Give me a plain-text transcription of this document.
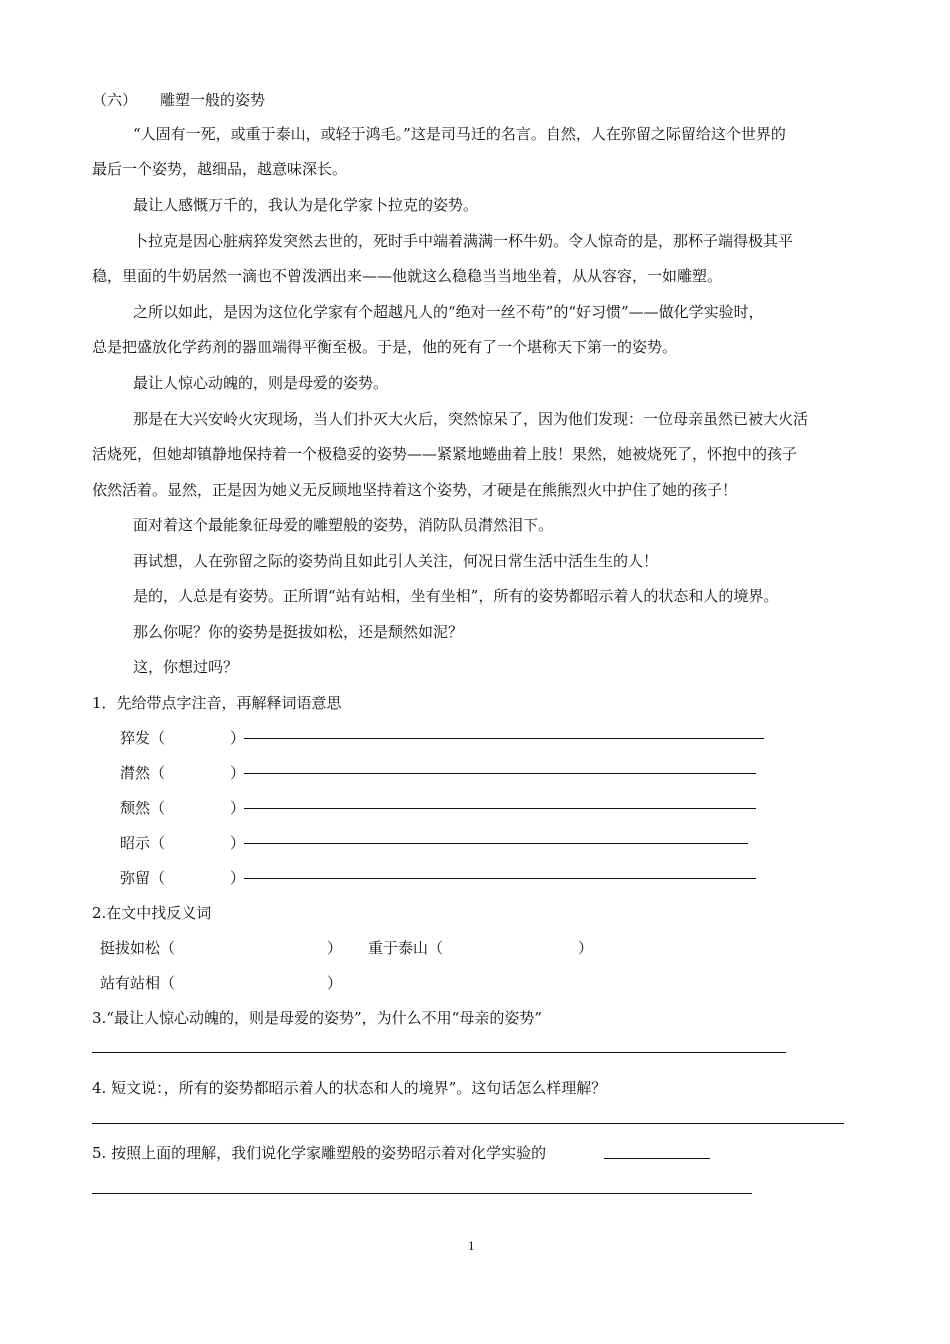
（六） 雕塑一般的姿势
“人固有一死，或重于泰山，或轻于鸿毛。”这是司马迁的名言。自然，人在弥留之际留给这个世界的
最后一个姿势，越细品，越意味深长。
最让人感慨万千的，我认为是化学家卜拉克的姿势。
卜拉克是因心脏病猝发突然去世的，死时手中端着满满一杯牛奶。令人惊奇的是，那杯子端得极其平
稳，里面的牛奶居然一滴也不曾泼洒出来——他就这么稳稳当当地坐着，从从容容，一如雕塑。
之所以如此，是因为这位化学家有个超越凡人的“绝对一丝不苟”的“好习惯”——做化学实验时，
总是把盛放化学药剂的器皿端得平衡至极。于是，他的死有了一个堪称天下第一的姿势。
最让人惊心动魄的，则是母爱的姿势。
那是在大兴安岭火灾现场，当人们扑灭大火后，突然惊呆了，因为他们发现：一位母亲虽然已被大火活
活烧死，但她却镇静地保持着一个极稳妥的姿势——紧紧地蜷曲着上肢！果然，她被烧死了，怀抱中的孩子
依然活着。显然，正是因为她义无反顾地坚持着这个姿势，才硬是在熊熊烈火中护住了她的孩子！
面对着这个最能象征母爱的雕塑般的姿势，消防队员潸然泪下。
再试想，人在弥留之际的姿势尚且如此引人关注，何况日常生活中活生生的人！
是的，人总是有姿势。正所谓“站有站相，坐有坐相”，所有的姿势都昭示着人的状态和人的境界。
那么你呢？你的姿势是挺拔如松，还是颓然如泥？
这，你想过吗？
1．先给带点字注音，再解释词语意思
猝发（	）
潸然（	）
颓然（	）
昭示（	）
弥留（	）
2.在文中找反义词
挺拔如松（	） 重于泰山（	）
站有站相（	）
3.“最让人惊心动魄的，则是母爱的姿势”，为什么不用“母亲的姿势”
4. 短文说：，所有的姿势都昭示着人的状态和人的境界”。这句话怎么样理解？
5. 按照上面的理解，我们说化学家雕塑般的姿势昭示着对化学实验的
1
